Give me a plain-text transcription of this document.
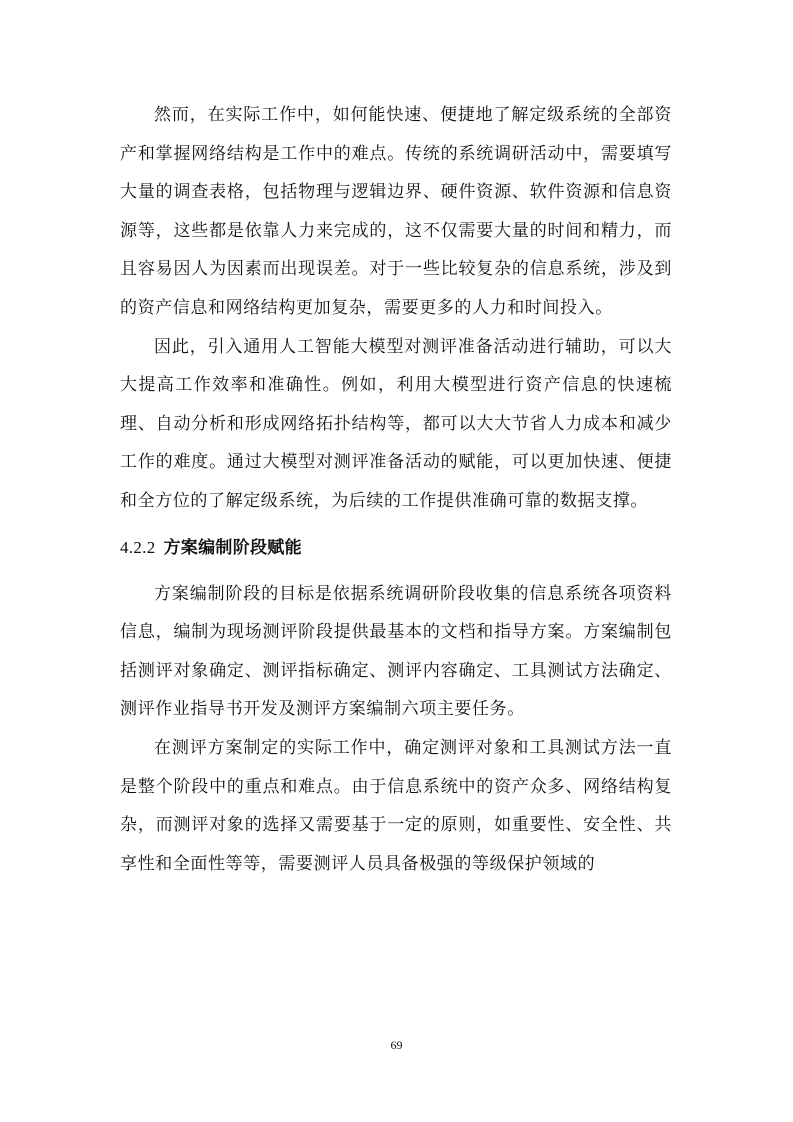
然而，在实际工作中，如何能快速、便捷地了解定级系统的全部资产和掌握网络结构是工作中的难点。传统的系统调研活动中，需要填写大量的调查表格，包括物理与逻辑边界、硬件资源、软件资源和信息资源等，这些都是依靠人力来完成的，这不仅需要大量的时间和精力，而且容易因人为因素而出现误差。对于一些比较复杂的信息系统，涉及到的资产信息和网络结构更加复杂，需要更多的人力和时间投入。

因此，引入通用人工智能大模型对测评准备活动进行辅助，可以大大提高工作效率和准确性。例如，利用大模型进行资产信息的快速梳理、自动分析和形成网络拓扑结构等，都可以大大节省人力成本和减少工作的难度。通过大模型对测评准备活动的赋能，可以更加快速、便捷和全方位的了解定级系统，为后续的工作提供准确可靠的数据支撑。

4.2.2 方案编制阶段赋能

方案编制阶段的目标是依据系统调研阶段收集的信息系统各项资料信息，编制为现场测评阶段提供最基本的文档和指导方案。方案编制包括测评对象确定、测评指标确定、测评内容确定、工具测试方法确定、测评作业指导书开发及测评方案编制六项主要任务。

在测评方案制定的实际工作中，确定测评对象和工具测试方法一直是整个阶段中的重点和难点。由于信息系统中的资产众多、网络结构复杂，而测评对象的选择又需要基于一定的原则，如重要性、安全性、共享性和全面性等等，需要测评人员具备极强的等级保护领域的

69
